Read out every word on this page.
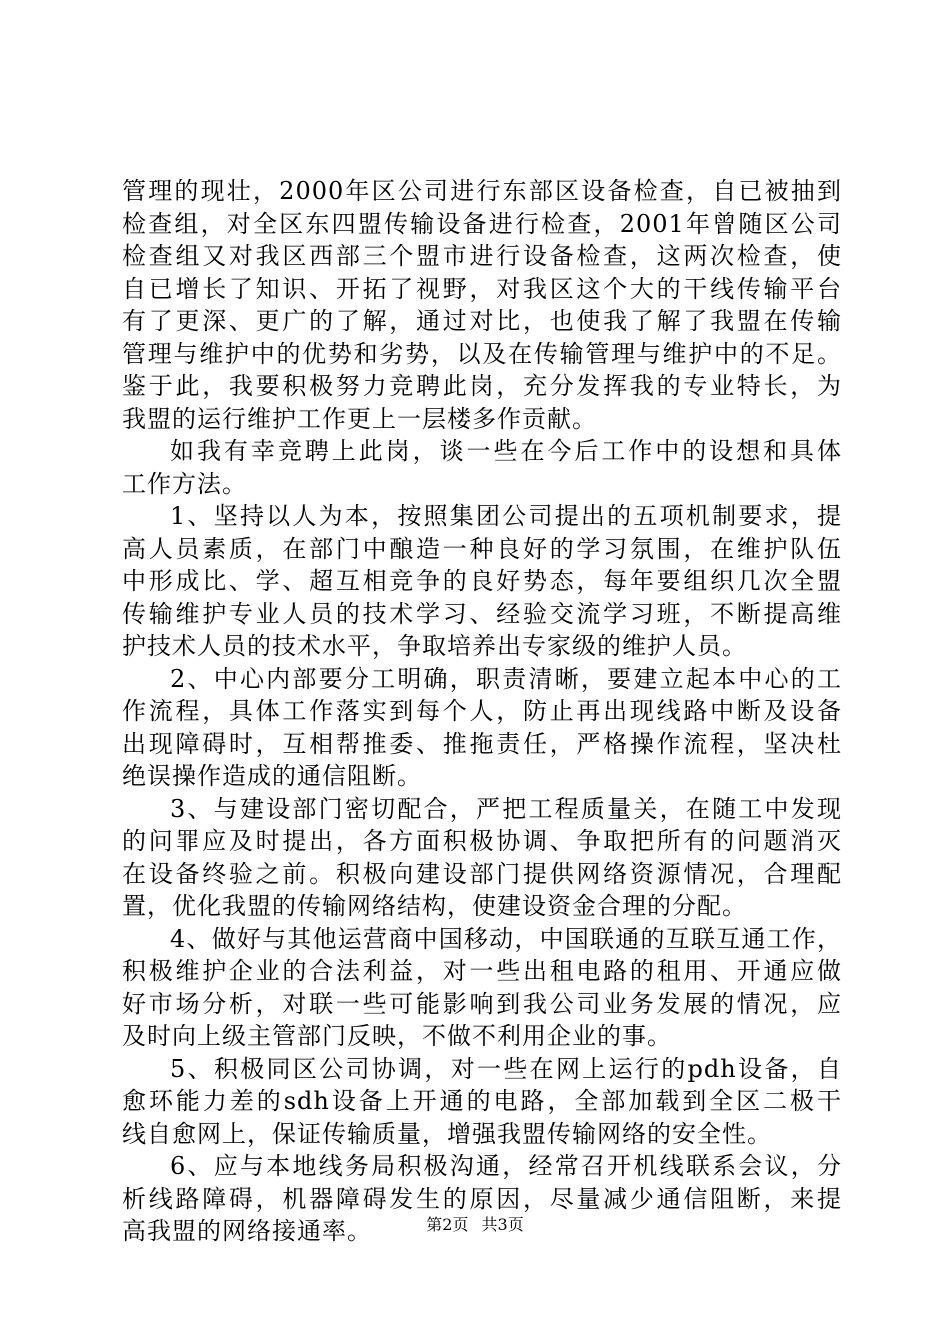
管理的现壮，2000年区公司进行东部区设备检查，自已被抽到
检查组，对全区东四盟传输设备进行检查，2001年曾随区公司
检查组又对我区西部三个盟市进行设备检查，这两次检查，使
自已增长了知识、开拓了视野，对我区这个大的干线传输平台
有了更深、更广的了解，通过对比，也使我了解了我盟在传输
管理与维护中的优势和劣势，以及在传输管理与维护中的不足。
鉴于此，我要积极努力竞聘此岗，充分发挥我的专业特长，为
我盟的运行维护工作更上一层楼多作贡献。
如我有幸竞聘上此岗，谈一些在今后工作中的设想和具体
工作方法。
1、坚持以人为本，按照集团公司提出的五项机制要求，提
高人员素质，在部门中酿造一种良好的学习氛围，在维护队伍
中形成比、学、超互相竞争的良好势态，每年要组织几次全盟
传输维护专业人员的技术学习、经验交流学习班，不断提高维
护技术人员的技术水平，争取培养出专家级的维护人员。
2、中心内部要分工明确，职责清晰，要建立起本中心的工
作流程，具体工作落实到每个人，防止再出现线路中断及设备
出现障碍时，互相帮推委、推拖责任，严格操作流程，坚决杜
绝误操作造成的通信阻断。
3、与建设部门密切配合，严把工程质量关，在随工中发现
的问罪应及时提出，各方面积极协调、争取把所有的问题消灭
在设备终验之前。积极向建设部门提供网络资源情况，合理配
置，优化我盟的传输网络结构，使建设资金合理的分配。
4、做好与其他运营商中国移动，中国联通的互联互通工作，
积极维护企业的合法利益，对一些出租电路的租用、开通应做
好市场分析，对联一些可能影响到我公司业务发展的情况，应
及时向上级主管部门反映，不做不利用企业的事。
5、积极同区公司协调，对一些在网上运行的pdh设备，自
愈环能力差的sdh设备上开通的电路，全部加载到全区二极干
线自愈网上，保证传输质量，增强我盟传输网络的安全性。
6、应与本地线务局积极沟通，经常召开机线联系会议，分
析线路障碍，机器障碍发生的原因，尽量减少通信阻断，来提
高我盟的网络接通率。	第2页 共3页
